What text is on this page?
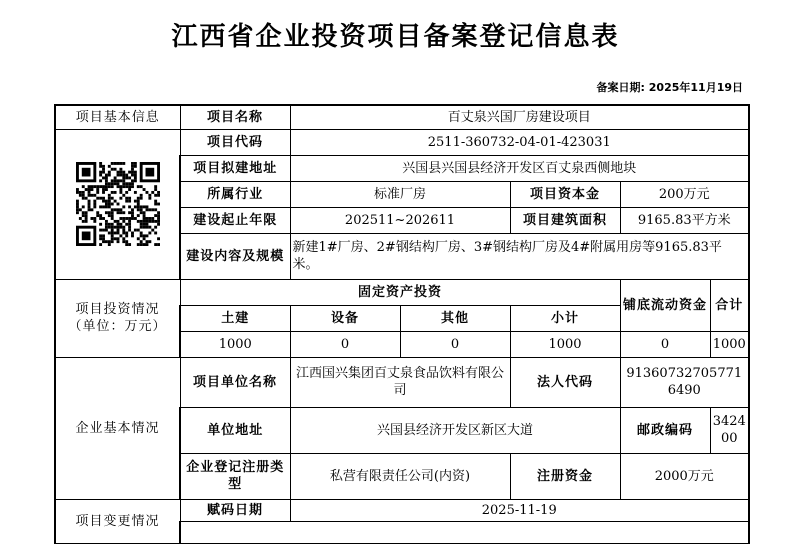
江西省企业投资项目备案登记信息表
备案日期: 2025年11月19日
项目基本信息	项目名称	百丈泉兴国厂房建设项目				

	项目代码	2511-360732-04-01-423031				
	项目拟建地址	兴国县兴国县经济开发区百丈泉西侧地块				
	所属行业	标准厂房		项目资本金	200万元	
	建设起止年限	202511~202611		项目建筑面积	9165.83平方米	
	建设内容及规模	新建1#厂房、2#钢结构厂房、3#钢结构厂房及4#附属用房等9165.83平米。				
项目投资情况
（单位：万元）	固定资产投资				铺底流动资金	合计
	土建	设备	其他	小计		
	1000	0	0	1000	0	1000
企业基本情况	项目单位名称	江西国兴集团百丈泉食品饮料有限公司		法人代码	913607327057716490	
	单位地址	兴国县经济开发区新区大道			邮政编码	342400
	企业登记注册类型	私营有限责任公司(内资)		注册资金	2000万元	
项目变更情况	赋码日期	2025-11-19				
